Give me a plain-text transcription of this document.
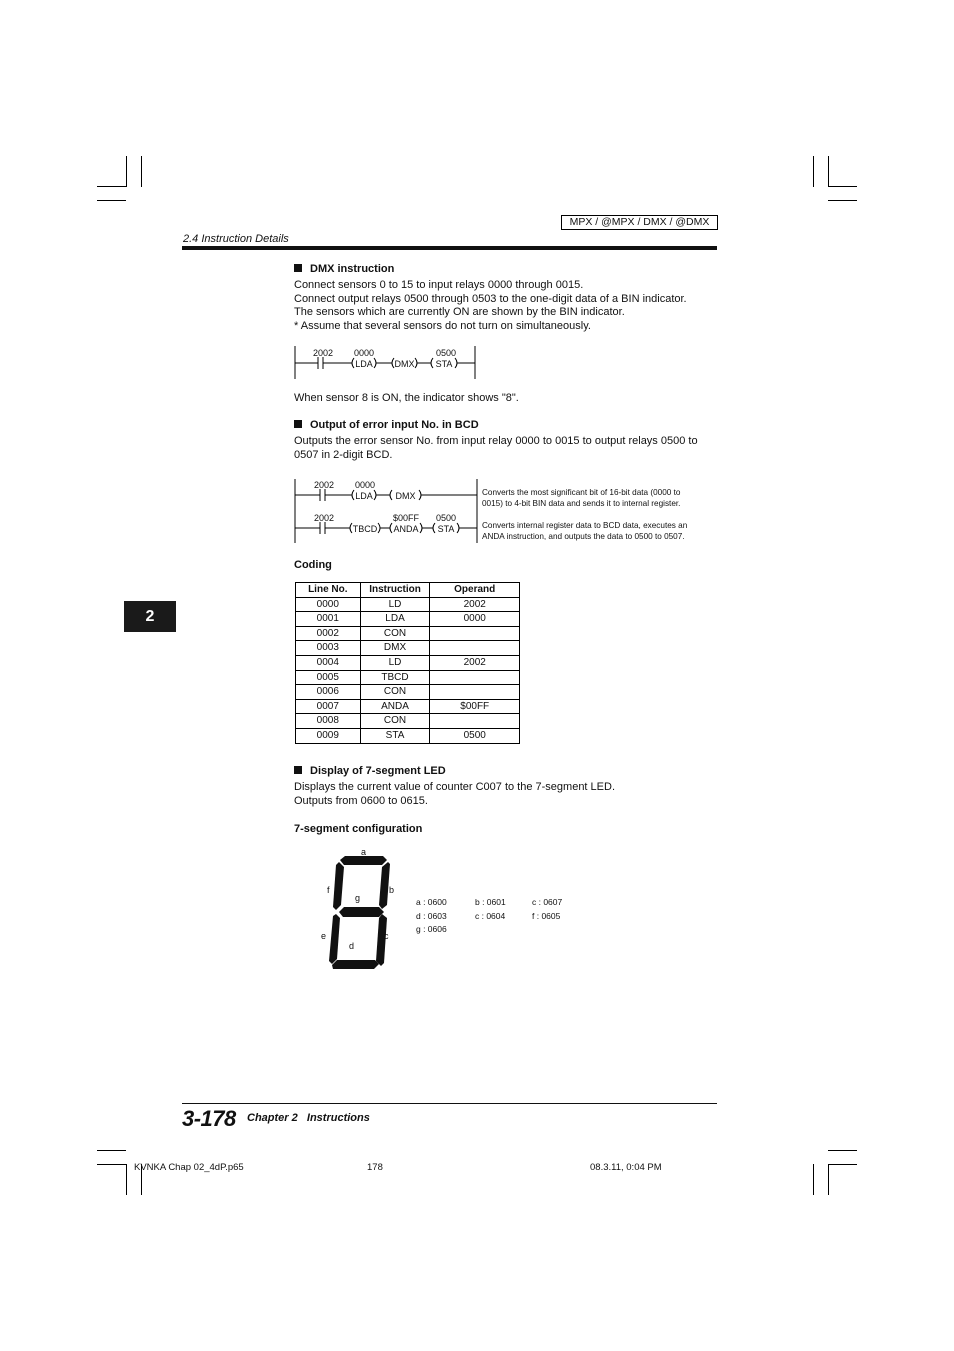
MPX / @MPX / DMX / @DMX
2.4 Instruction Details
2
DMX instruction
Connect sensors 0 to 15 to input relays 0000 through 0015.
Connect output relays 0500 through 0503 to the one-digit data of a BIN indicator.
The sensors which are currently ON are shown by the BIN indicator.
* Assume that several sensors do not turn on simultaneously.
2002 0000	0500
LDA DMX STA
When sensor 8 is ON, the indicator shows "8".
Output of error input No. in BCD
Outputs the error sensor No. from input relay 0000 to 0015 to output relays 0500 to
0507 in 2-digit BCD.
2002 0000
LDA	DMX
2002	$00FF 0500
TBCD ANDA STA
Converts the most significant bit of 16-bit data (0000 to
0015) to 4-bit BIN data and sends it to internal register.
Converts internal register data to BCD data, executes an
ANDA instruction, and outputs the data to 0500 to 0507.
Coding
Line No.	Instruction	Operand
0000	LD	2002
0001	LDA	0000
0002	CON	
0003	DMX	
0004	LD	2002
0005	TBCD	
0006	CON	
0007	ANDA	$00FF
0008	CON	
0009	STA	0500
Display of 7-segment LED
Displays the current value of counter C007 to the 7-segment LED.
Outputs from 0600 to 0615.
7-segment configuration
a
b
c
d
e
f
g	a : 0600	b : 0601	c : 0607
d : 0603	c : 0604	f : 0605
g : 0606
3-178 Chapter 2   Instructions
KVNKA Chap 02_4dP.p65	178	08.3.11, 0:04 PM
